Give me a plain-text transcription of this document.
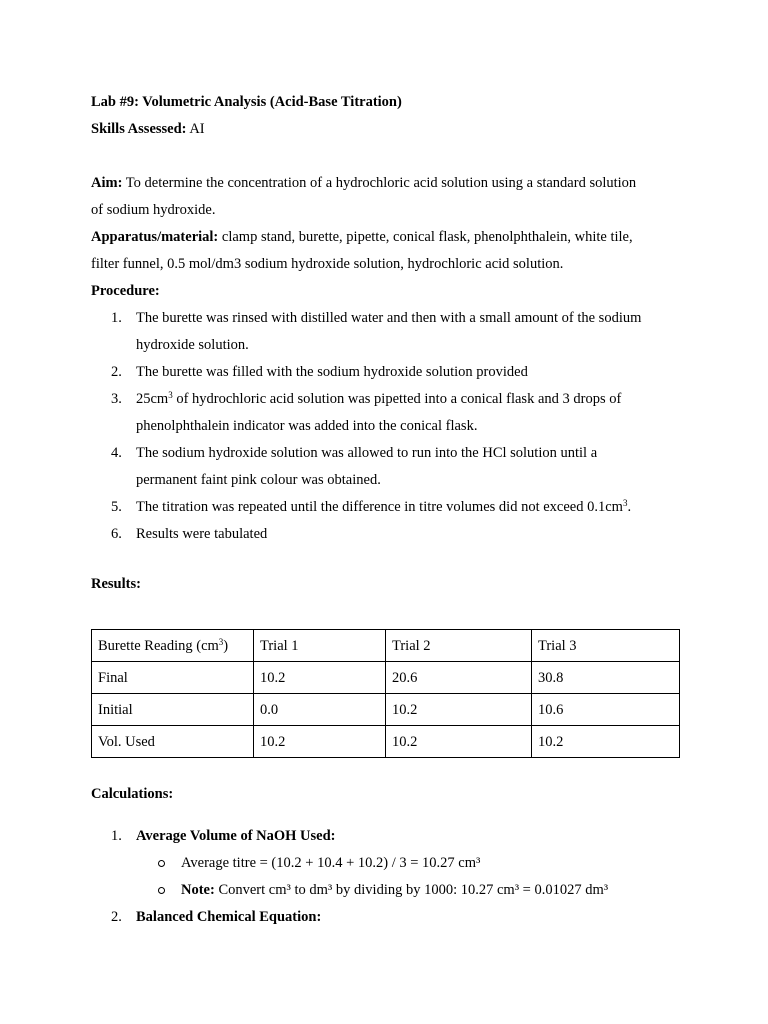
Lab #9: Volumetric Analysis (Acid-Base Titration)

Skills Assessed: AI

Aim: To determine the concentration of a hydrochloric acid solution using a standard solution

of sodium hydroxide.

Apparatus/material: clamp stand, burette, pipette, conical flask, phenolphthalein, white tile,

filter funnel, 0.5 mol/dm3 sodium hydroxide solution, hydrochloric acid solution.

Procedure:

1. The burette was rinsed with distilled water and then with a small amount of the sodium
hydroxide solution.
2. The burette was filled with the sodium hydroxide solution provided
3. $25cm^3$ of hydrochloric acid solution was pipetted into a conical flask and 3 drops of
phenolphthalein indicator was added into the conical flask.
4. The sodium hydroxide solution was allowed to run into the HCl solution until a
permanent faint pink colour was obtained.
5. The titration was repeated until the difference in titre volumes did not exceed $0.1cm^3$.
6. Results were tabulated

Results:

Burette Reading $(cm^3)$	Trial 1	Trial 2	Trial 3
Final	10.2	20.6	30.8
Initial	0.0	10.2	10.6
Vol. Used	10.2	10.2	10.2

Calculations:

1. Average Volume of NaOH Used:
Average titre = (10.2 + 10.4 + 10.2) / 3 = 10.27 cm³
Note: Convert cm³ to dm³ by dividing by 1000: 10.27 cm³ = 0.01027 dm³
2. Balanced Chemical Equation:
